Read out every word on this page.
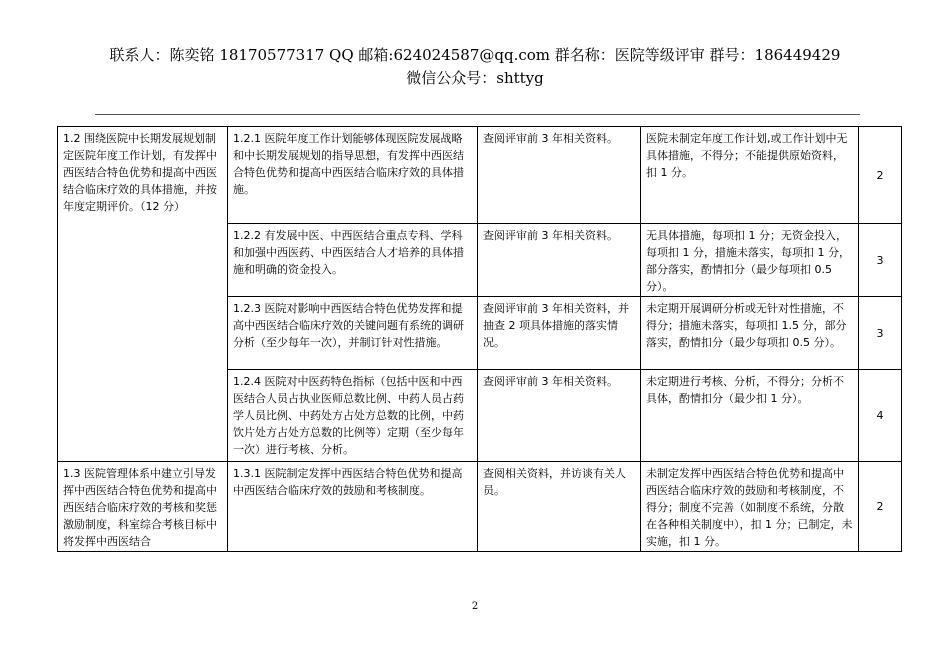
联系人：陈奕铭 18170577317 QQ 邮箱:624024587@qq.com 群名称：医院等级评审 群号：186449429
微信公众号：shttyg
1.2 围绕医院中长期发展规划制定医院年度工作计划，有发挥中西医结合特色优势和提高中西医结合临床疗效的具体措施，并按年度定期评价。（12 分）	1.2.1 医院年度工作计划能够体现医院发展战略和中长期发展规划的指导思想，有发挥中西医结合特色优势和提高中西医结合临床疗效的具体措施。	查阅评审前 3 年相关资料。	医院未制定年度工作计划,或工作计划中无具体措施，不得分；不能提供原始资料，扣 1 分。	2
	1.2.2 有发展中医、中西医结合重点专科、学科和加强中西医药、中西医结合人才培养的具体措施和明确的资金投入。	查阅评审前 3 年相关资料。	无具体措施，每项扣 1 分；无资金投入，每项扣 1 分，措施未落实，每项扣 1 分，部分落实，酌情扣分（最少每项扣 0.5 分）。	3
	1.2.3 医院对影响中西医结合特色优势发挥和提高中西医结合临床疗效的关键问题有系统的调研分析（至少每年一次），并制订针对性措施。	查阅评审前 3 年相关资料，并抽查 2 项具体措施的落实情况。	未定期开展调研分析或无针对性措施，不得分；措施未落实，每项扣 1.5 分，部分落实，酌情扣分（最少每项扣 0.5 分）。	3
	1.2.4 医院对中医药特色指标（包括中医和中西医结合人员占执业医师总数比例、中药人员占药学人员比例、中药处方占处方总数的比例，中药饮片处方占处方总数的比例等）定期（至少每年一次）进行考核、分析。	查阅评审前 3 年相关资料。	未定期进行考核、分析，不得分；分析不具体，酌情扣分（最少扣 1 分）。	4
1.3 医院管理体系中建立引导发挥中西医结合特色优势和提高中西医结合临床疗效的考核和奖惩激励制度，科室综合考核目标中将发挥中西医结合	1.3.1 医院制定发挥中西医结合特色优势和提高中西医结合临床疗效的鼓励和考核制度。	查阅相关资料，并访谈有关人员。	未制定发挥中西医结合特色优势和提高中西医结合临床疗效的鼓励和考核制度，不得分；制度不完善（如制度不系统，分散在各种相关制度中），扣 1 分；已制定，未实施，扣 1 分。	2
2
